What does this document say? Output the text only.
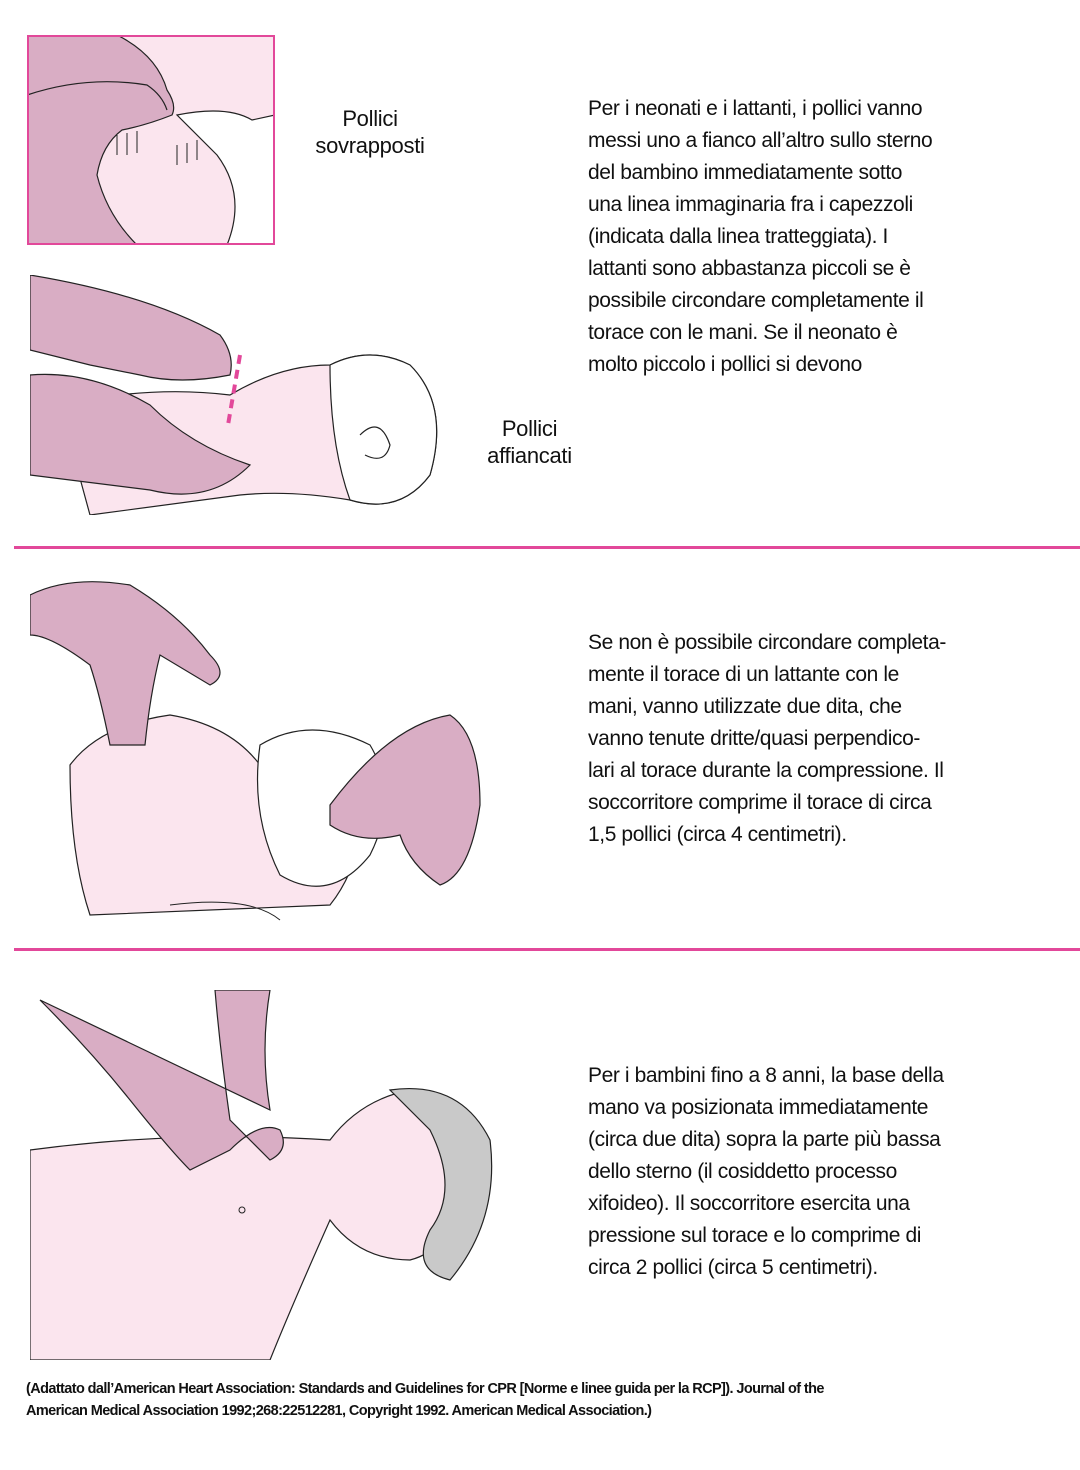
Pollici
sovrapposti
Pollici
affiancati
Per i neonati e i lattanti, i pollici vanno
messi uno a fianco all’altro sullo sterno
del bambino immediatamente sotto
una linea immaginaria fra i capezzoli
(indicata dalla linea tratteggiata). I
lattanti sono abbastanza piccoli se è
possibile circondare completamente il
torace con le mani. Se il neonato è
molto piccolo i pollici si devono
Se non è possibile circondare completa-
mente il torace di un lattante con le
mani, vanno utilizzate due dita, che
vanno tenute dritte/quasi perpendico-
lari al torace durante la compressione. Il
soccorritore comprime il torace di circa
1,5 pollici (circa 4 centimetri).
Per i bambini fino a 8 anni, la base della
mano va posizionata immediatamente
(circa due dita) sopra la parte più bassa
dello sterno (il cosiddetto processo
xifoideo). Il soccorritore esercita una
pressione sul torace e lo comprime di
circa 2 pollici (circa 5 centimetri).
(Adattato dall’American Heart Association: Standards and Guidelines for CPR [Norme e linee guida per la RCP]). Journal of the
American Medical Association 1992;268:22512281, Copyright 1992. American Medical Association.)
